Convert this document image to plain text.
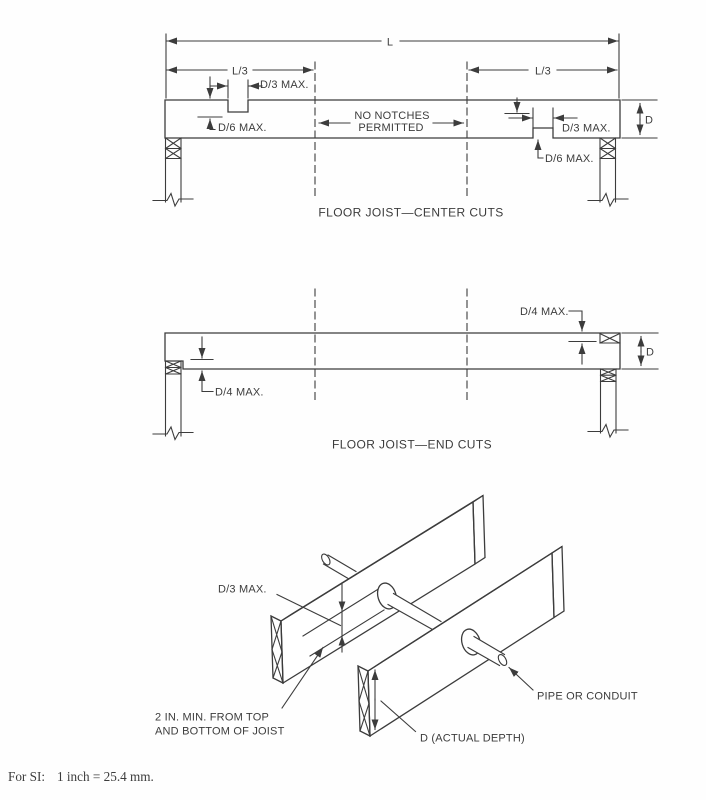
L
L/3	L/3
D/3 MAX.
D/6 MAX.
NO NOTCHES
PERMITTED	D/3 MAX.
D/6 MAX.
D
FLOOR JOIST—CENTER CUTS
D/4 MAX.
D/4 MAX.
D
FLOOR JOIST—END CUTS
D/3 MAX.
2 IN. MIN. FROM TOP
AND BOTTOM OF JOIST
PIPE OR CONDUIT
D (ACTUAL DEPTH)
For SI: 1 inch = 25.4 mm.
